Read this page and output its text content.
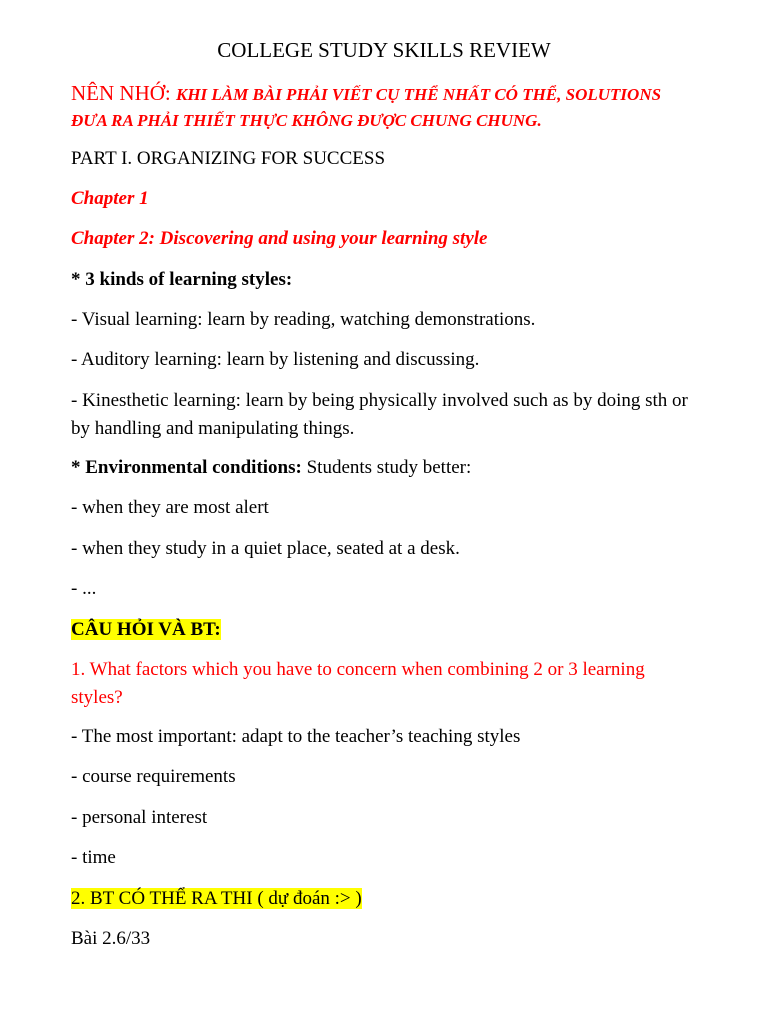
COLLEGE STUDY SKILLS REVIEW
NÊN NHỚ: KHI LÀM BÀI PHẢI VIẾT CỤ THỂ NHẤT CÓ THỂ, SOLUTIONS ĐƯA RA PHẢI THIẾT THỰC KHÔNG ĐƯỢC CHUNG CHUNG.
PART I. ORGANIZING FOR SUCCESS
Chapter 1
Chapter 2: Discovering and using your learning style
* 3 kinds of learning styles:
- Visual learning: learn by reading, watching demonstrations.
- Auditory learning: learn by listening and discussing.
- Kinesthetic learning: learn by being physically involved such as by doing sth or by handling and manipulating things.
* Environmental conditions: Students study better:
- when they are most alert
- when they study in a quiet place, seated at a desk.
- ...
CÂU HỎI VÀ BT:
1. What factors which you have to concern when combining 2 or 3 learning styles?
- The most important: adapt to the teacher’s teaching styles
- course requirements
- personal interest
- time
2. BT CÓ THỂ RA THI ( dự đoán :> )
Bài 2.6/33
